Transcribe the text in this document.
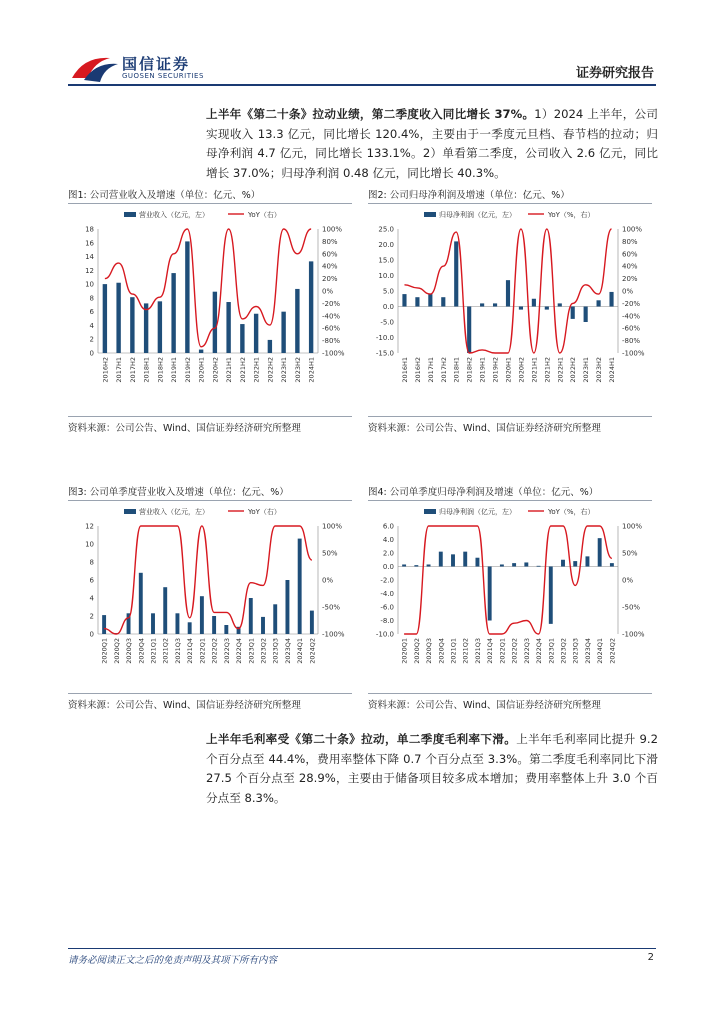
国信证券
GUOSEN SECURITIES	证券研究报告
上半年《第二十条》拉动业绩，第二季度收入同比增长 37%。1）2024 上半年，公司实现收入 13.3 亿元，同比增长 120.4%，主要由于一季度元旦档、春节档的拉动；归母净利润 4.7 亿元，同比增长 133.1%。2）单看第二季度，公司收入 2.6 亿元，同比增长 37.0%；归母净利润 0.48 亿元，同比增长 40.3%。
图1: 公司营业收入及增速（单位：亿元、%）
营业收入（亿元，左）	YoY（右）
0
2
4
6
8
10
12
14
16
18
-100%
-80%
-60%
-40%
-20%
0%
20%
40%
60%
80%
100%
2016H2 2017H1 2017H2 2018H1 2018H2 2019H1 2019H2 2020H1 2020H2 2021H1 2021H2 2022H1 2022H2 2023H1 2023H2 2024H1
资料来源：公司公告、Wind、国信证券经济研究所整理
图2: 公司归母净利润及增速（单位：亿元、%）
归母净利润（亿元，左）	YoY（%，右）
-15.0
-10.0
-5.0
0.0
5.0
10.0
15.0
20.0
25.0
-100%
-80%
-60%
-40%
-20%
0%
20%
40%
60%
80%
100%
2016H1 2016H2 2017H1 2017H2 2018H1 2018H2 2019H1 2019H2 2020H1 2020H2 2021H1 2021H2 2022H1 2022H2 2023H1 2023H2 2024H1
资料来源：公司公告、Wind、国信证券经济研究所整理
图3: 公司单季度营业收入及增速（单位：亿元、%）
营业收入（亿元，左）	YoY（右）
0
2
4
6
8
10
12
-100%
-50%
0%
50%
100%
2020Q1 2020Q2 2020Q3 2020Q4 2021Q1 2021Q2 2021Q3 2021Q4 2022Q1 2022Q2 2022Q3 2022Q4 2023Q1 2023Q2 2023Q3 2023Q4 2024Q1 2024Q2
资料来源：公司公告、Wind、国信证券经济研究所整理
图4: 公司单季度归母净利润及增速（单位：亿元、%）
归母净利润（亿元，左）	YoY（%，右）
-10.0
-8.0
-6.0
-4.0
-2.0
0.0
2.0
4.0
6.0
-100%
-50%
0%
50%
100%
2020Q1 2020Q2 2020Q3 2020Q4 2021Q1 2021Q2 2021Q3 2021Q4 2022Q1 2022Q2 2022Q3 2022Q4 2023Q1 2023Q2 2023Q3 2023Q4 2024Q1 2024Q2
资料来源：公司公告、Wind、国信证券经济研究所整理
上半年毛利率受《第二十条》拉动，单二季度毛利率下滑。上半年毛利率同比提升 9.2 个百分点至 44.4%，费用率整体下降 0.7 个百分点至 3.3%。第二季度毛利率同比下滑 27.5 个百分点至 28.9%，主要由于储备项目较多成本增加；费用率整体上升 3.0 个百分点至 8.3%。
请务必阅读正文之后的免责声明及其项下所有内容	2
